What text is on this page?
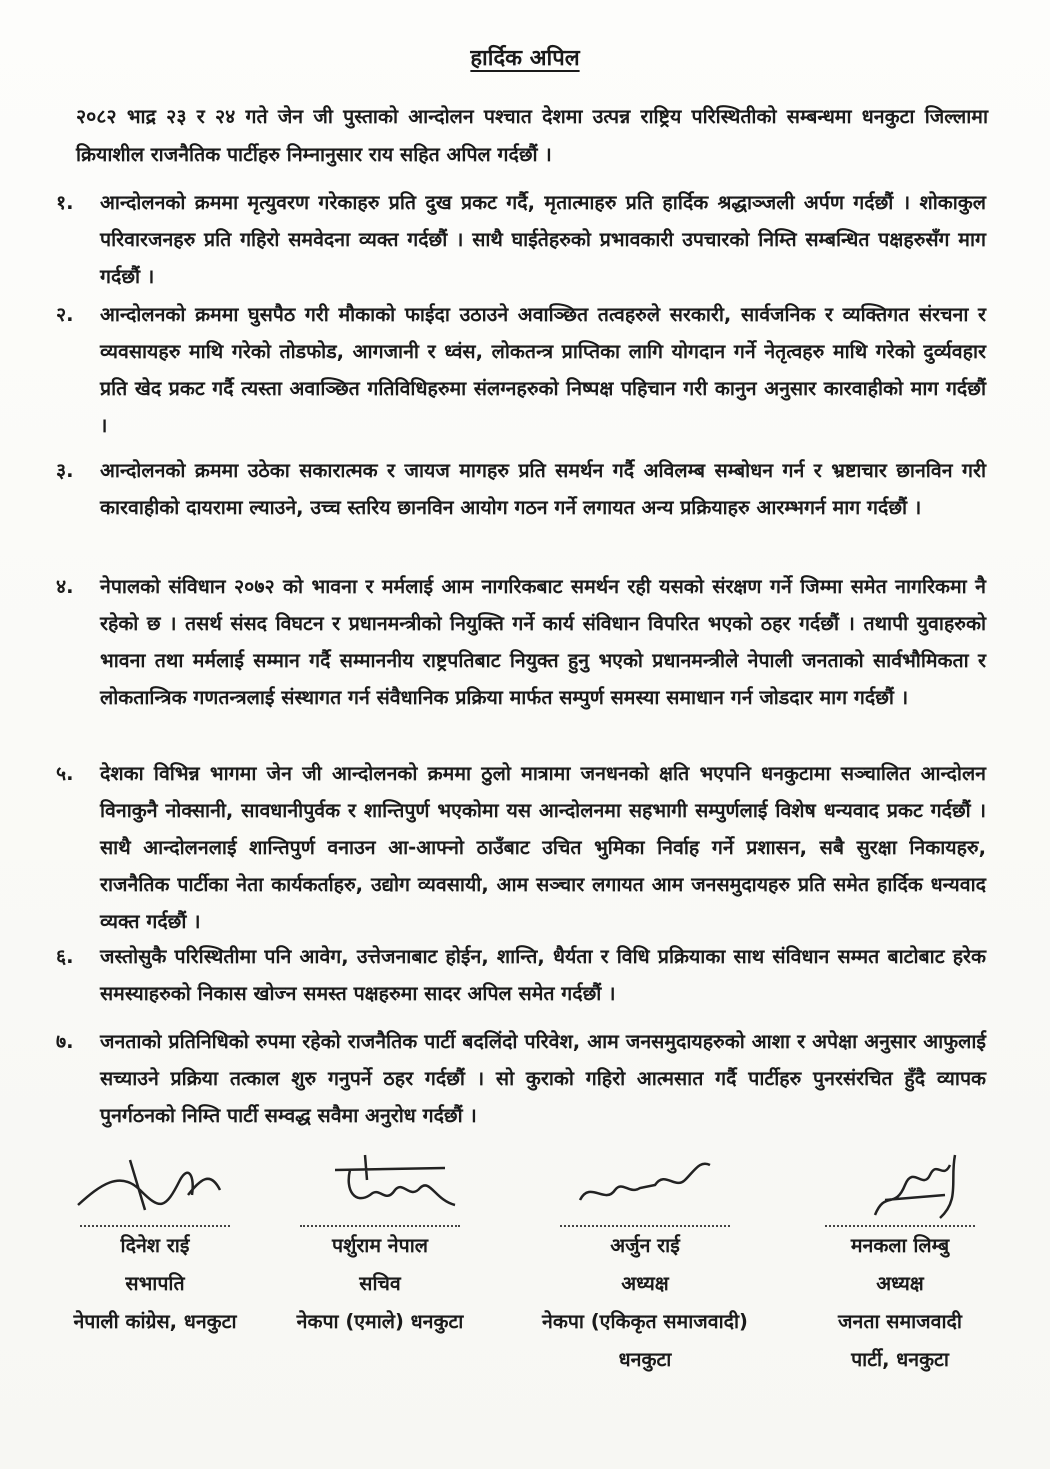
हार्दिक अपिल
२०८२ भाद्र २३ र २४ गते जेन जी पुस्ताको आन्दोलन पश्चात देशमा उत्पन्न राष्ट्रिय परिस्थितीको सम्बन्धमा धनकुटा जिल्लामा क्रियाशील राजनैतिक पार्टीहरु निम्नानुसार राय सहित अपिल गर्दछौं ।
१.	आन्दोलनको क्रममा मृत्युवरण गरेकाहरु प्रति दुख प्रकट गर्दै, मृतात्माहरु प्रति हार्दिक श्रद्धाञ्जली अर्पण गर्दछौं । शोकाकुल परिवारजनहरु प्रति गहिरो समवेदना व्यक्त गर्दछौं । साथै घाईतेहरुको प्रभावकारी उपचारको निम्ति सम्बन्धित पक्षहरुसँग माग गर्दछौं ।
२.	आन्दोलनको क्रममा घुसपैठ गरी मौकाको फाईदा उठाउने अवाञ्छित तत्वहरुले सरकारी, सार्वजनिक र व्यक्तिगत संरचना र व्यवसायहरु माथि गरेको तोडफोड, आगजानी र ध्वंस, लोकतन्त्र प्राप्तिका लागि योगदान गर्ने नेतृत्वहरु माथि गरेको दुर्व्यवहार प्रति खेद प्रकट गर्दै त्यस्ता अवाञ्छित गतिविधिहरुमा संलग्नहरुको निष्पक्ष पहिचान गरी कानुन अनुसार कारवाहीको माग गर्दछौं ।
३.	आन्दोलनको क्रममा उठेका सकारात्मक र जायज मागहरु प्रति समर्थन गर्दै अविलम्ब सम्बोधन गर्न र भ्रष्टाचार छानविन गरी कारवाहीको दायरामा ल्याउने, उच्च स्तरिय छानविन आयोग गठन गर्ने लगायत अन्य प्रक्रियाहरु आरम्भगर्न माग गर्दछौं ।
४.	नेपालको संविधान २०७२ को भावना र मर्मलाई आम नागरिकबाट समर्थन रही यसको संरक्षण गर्ने जिम्मा समेत नागरिकमा नै रहेको छ । तसर्थ संसद विघटन र प्रधानमन्त्रीको नियुक्ति गर्ने कार्य संविधान विपरित भएको ठहर गर्दछौं । तथापी युवाहरुको भावना तथा मर्मलाई सम्मान गर्दै सम्माननीय राष्ट्रपतिबाट नियुक्त हुनु भएको प्रधानमन्त्रीले नेपाली जनताको सार्वभौमिकता र लोकतान्त्रिक गणतन्त्रलाई संस्थागत गर्न संवैधानिक प्रक्रिया मार्फत सम्पुर्ण समस्या समाधान गर्न जोडदार माग गर्दछौं ।
५.	देशका विभिन्न भागमा जेन जी आन्दोलनको क्रममा ठुलो मात्रामा जनधनको क्षति भएपनि धनकुटामा सञ्चालित आन्दोलन विनाकुनै नोक्सानी, सावधानीपुर्वक र शान्तिपुर्ण भएकोमा यस आन्दोलनमा सहभागी सम्पुर्णलाई विशेष धन्यवाद प्रकट गर्दछौं । साथै आन्दोलनलाई शान्तिपुर्ण वनाउन आ-आफ्नो ठाउँबाट उचित भुमिका निर्वाह गर्ने प्रशासन, सबै सुरक्षा निकायहरु, राजनैतिक पार्टीका नेता कार्यकर्ताहरु, उद्योग व्यवसायी, आम सञ्चार लगायत आम जनसमुदायहरु प्रति समेत हार्दिक धन्यवाद व्यक्त गर्दछौं ।
६.	जस्तोसुकै परिस्थितीमा पनि आवेग, उत्तेजनाबाट होईन, शान्ति, धैर्यता र विधि प्रक्रियाका साथ संविधान सम्मत बाटोबाट हरेक समस्याहरुको निकास खोज्न समस्त पक्षहरुमा सादर अपिल समेत गर्दछौं ।
७.	जनताको प्रतिनिधिको रुपमा रहेको राजनैतिक पार्टी बदलिंदो परिवेश, आम जनसमुदायहरुको आशा र अपेक्षा अनुसार आफुलाई सच्याउने प्रक्रिया तत्काल शुरु गनुपर्ने ठहर गर्दछौं । सो कुराको गहिरो आत्मसात गर्दै पार्टीहरु पुनरसंरचित हुँदै व्यापक पुनर्गठनको निम्ति पार्टी सम्वद्ध सवैमा अनुरोध गर्दछौं ।
दिनेश राई
सभापति
नेपाली कांग्रेस, धनकुटा
पर्शुराम नेपाल
सचिव
नेकपा (एमाले) धनकुटा
अर्जुन राई
अध्यक्ष
नेकपा (एकिकृत समाजवादी)
धनकुटा
मनकला लिम्बु
अध्यक्ष
जनता समाजवादी
पार्टी, धनकुटा
